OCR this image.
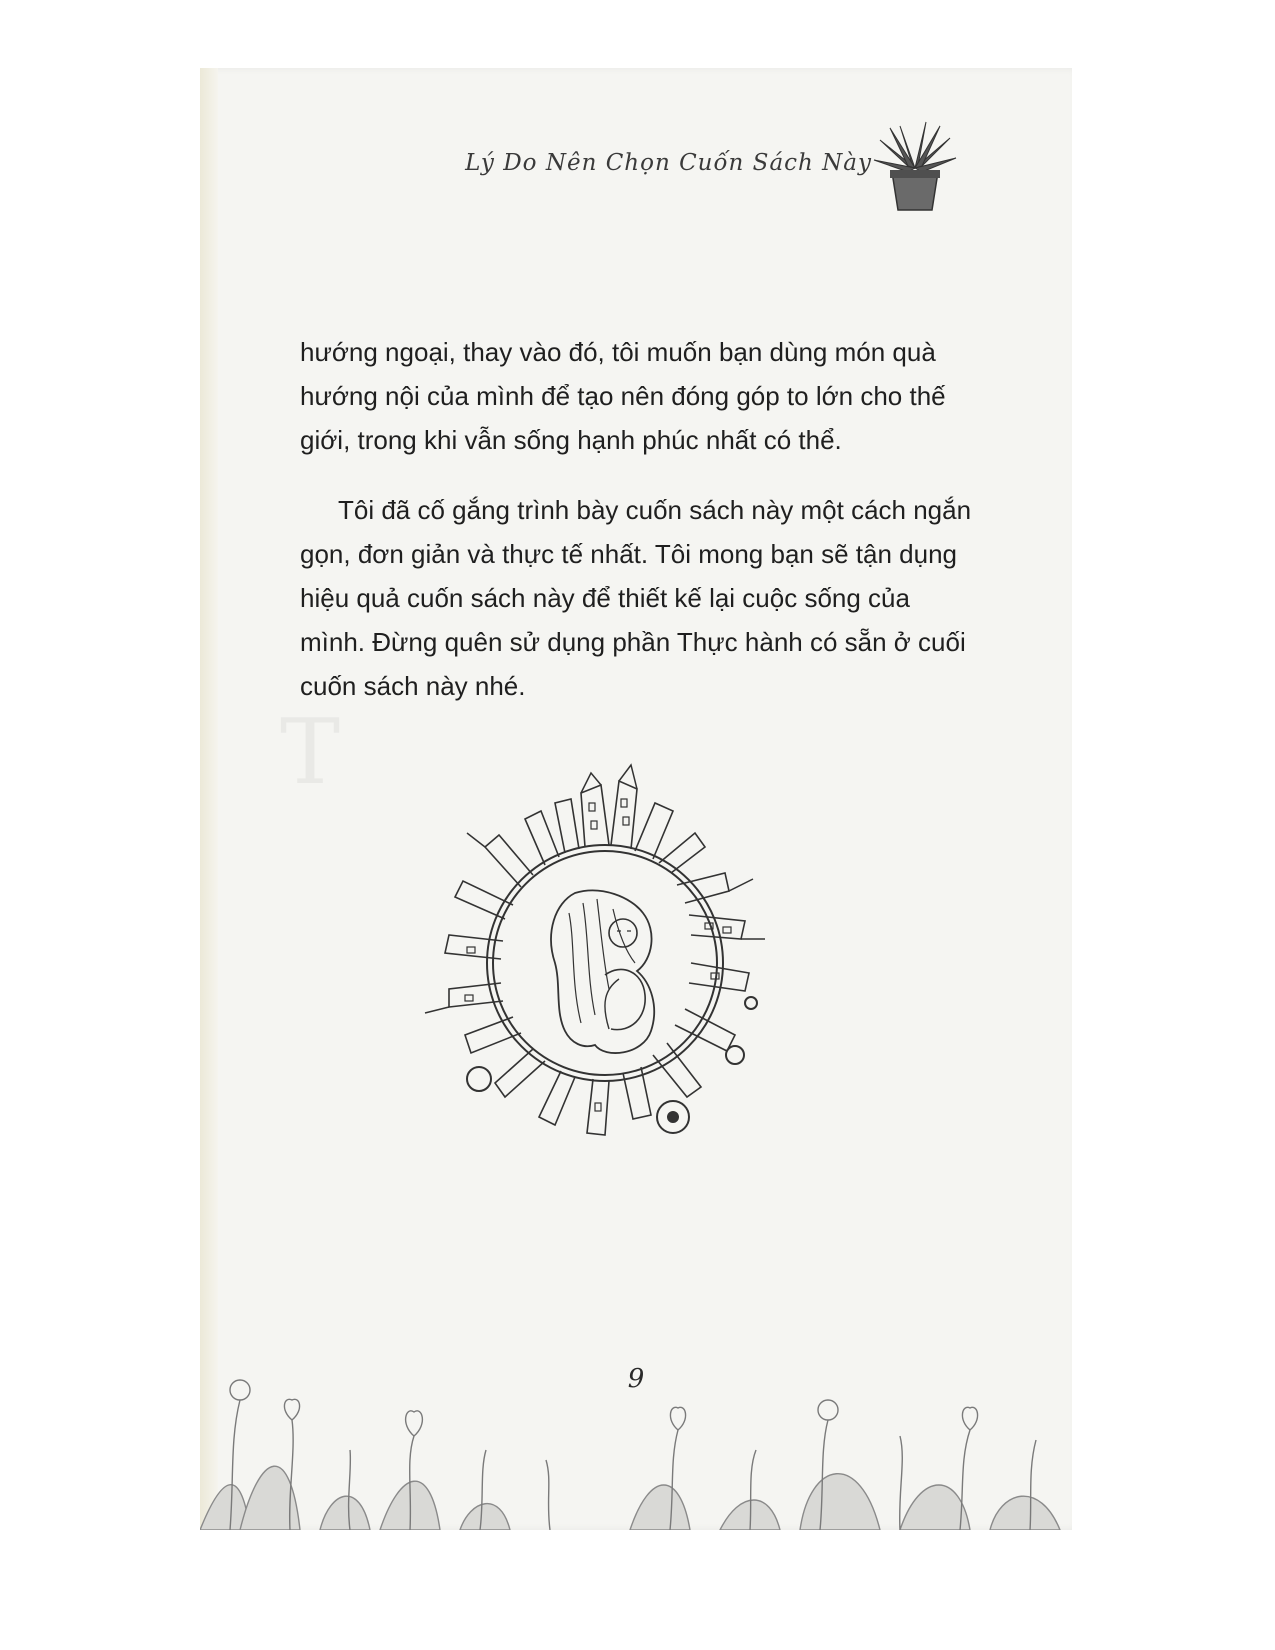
T
Lý Do Nên Chọn Cuốn Sách Này

hướng ngoại, thay vào đó, tôi muốn bạn dùng món quà hướng nội của mình để tạo nên đóng góp to lớn cho thế giới, trong khi vẫn sống hạnh phúc nhất có thể.

Tôi đã cố gắng trình bày cuốn sách này một cách ngắn gọn, đơn giản và thực tế nhất. Tôi mong bạn sẽ tận dụng hiệu quả cuốn sách này để thiết kế lại cuộc sống của mình. Đừng quên sử dụng phần Thực hành có sẵn ở cuối cuốn sách này nhé.

9
